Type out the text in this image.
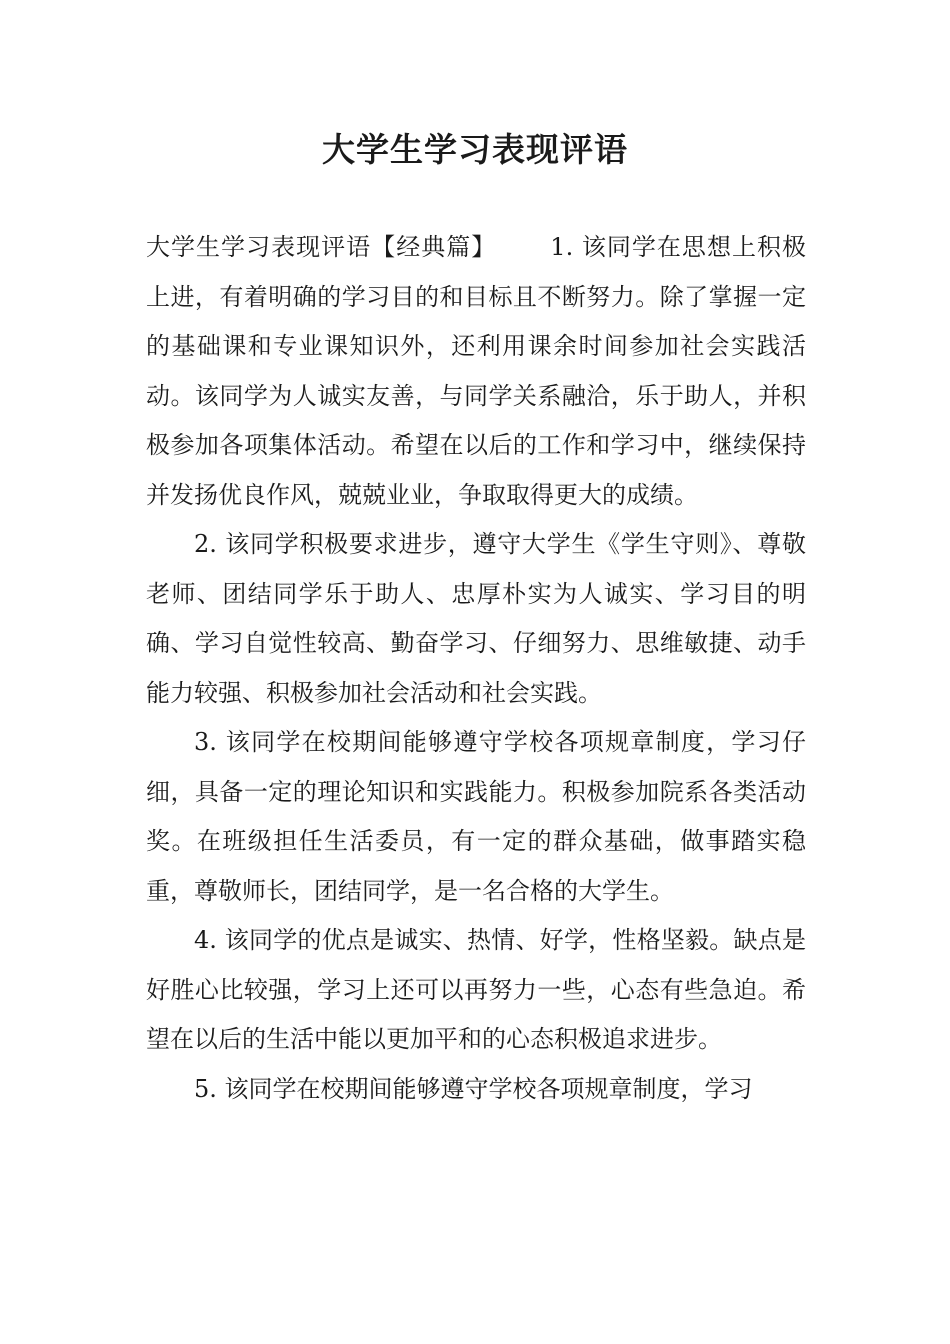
大学生学习表现评语

大学生学习表现评语【经典篇】 1. 该同学在思想上积极上进，有着明确的学习目的和目标且不断努力。除了掌握一定的基础课和专业课知识外，还利用课余时间参加社会实践活动。该同学为人诚实友善，与同学关系融洽，乐于助人，并积极参加各项集体活动。希望在以后的工作和学习中，继续保持并发扬优良作风，兢兢业业，争取取得更大的成绩。

2. 该同学积极要求进步，遵守大学生《学生守则》、尊敬老师、团结同学乐于助人、忠厚朴实为人诚实、学习目的明确、学习自觉性较高、勤奋学习、仔细努力、思维敏捷、动手能力较强、积极参加社会活动和社会实践。

3. 该同学在校期间能够遵守学校各项规章制度，学习仔细，具备一定的理论知识和实践能力。积极参加院系各类活动奖。在班级担任生活委员，有一定的群众基础，做事踏实稳重，尊敬师长，团结同学，是一名合格的大学生。

4. 该同学的优点是诚实、热情、好学，性格坚毅。缺点是好胜心比较强，学习上还可以再努力一些，心态有些急迫。希望在以后的生活中能以更加平和的心态积极追求进步。

5. 该同学在校期间能够遵守学校各项规章制度，学习
